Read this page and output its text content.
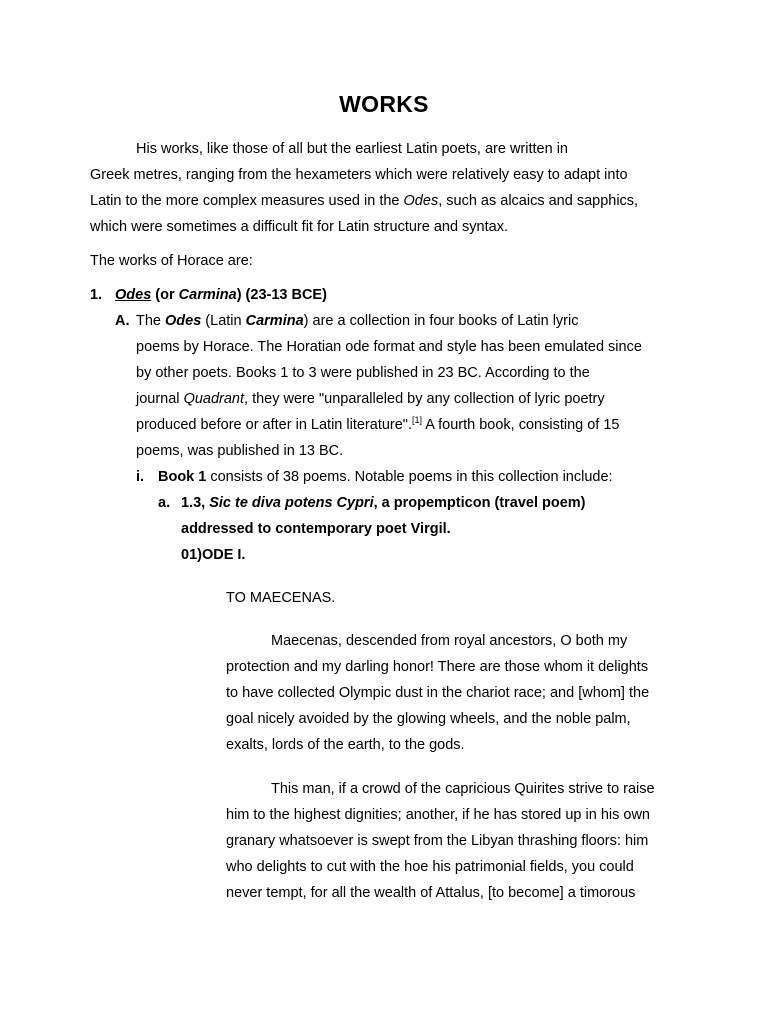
WORKS
His works, like those of all but the earliest Latin poets, are written in
Greek metres, ranging from the hexameters which were relatively easy to adapt into
Latin to the more complex measures used in the Odes, such as alcaics and sapphics,
which were sometimes a difficult fit for Latin structure and syntax.
The works of Horace are:
1. Odes (or Carmina) (23-13 BCE)
A. The Odes (Latin Carmina) are a collection in four books of Latin lyric
poems by Horace. The Horatian ode format and style has been emulated since
by other poets. Books 1 to 3 were published in 23 BC. According to the
journal Quadrant, they were "unparalleled by any collection of lyric poetry
produced before or after in Latin literature".[1] A fourth book, consisting of 15
poems, was published in 13 BC.
i. Book 1 consists of 38 poems. Notable poems in this collection include:
a. 1.3, Sic te diva potens Cypri, a propempticon (travel poem)
addressed to contemporary poet Virgil.
01)ODE I.
TO MAECENAS.
Maecenas, descended from royal ancestors, O both my
protection and my darling honor! There are those whom it delights
to have collected Olympic dust in the chariot race; and [whom] the
goal nicely avoided by the glowing wheels, and the noble palm,
exalts, lords of the earth, to the gods.
This man, if a crowd of the capricious Quirites strive to raise
him to the highest dignities; another, if he has stored up in his own
granary whatsoever is swept from the Libyan thrashing floors: him
who delights to cut with the hoe his patrimonial fields, you could
never tempt, for all the wealth of Attalus, [to become] a timorous
